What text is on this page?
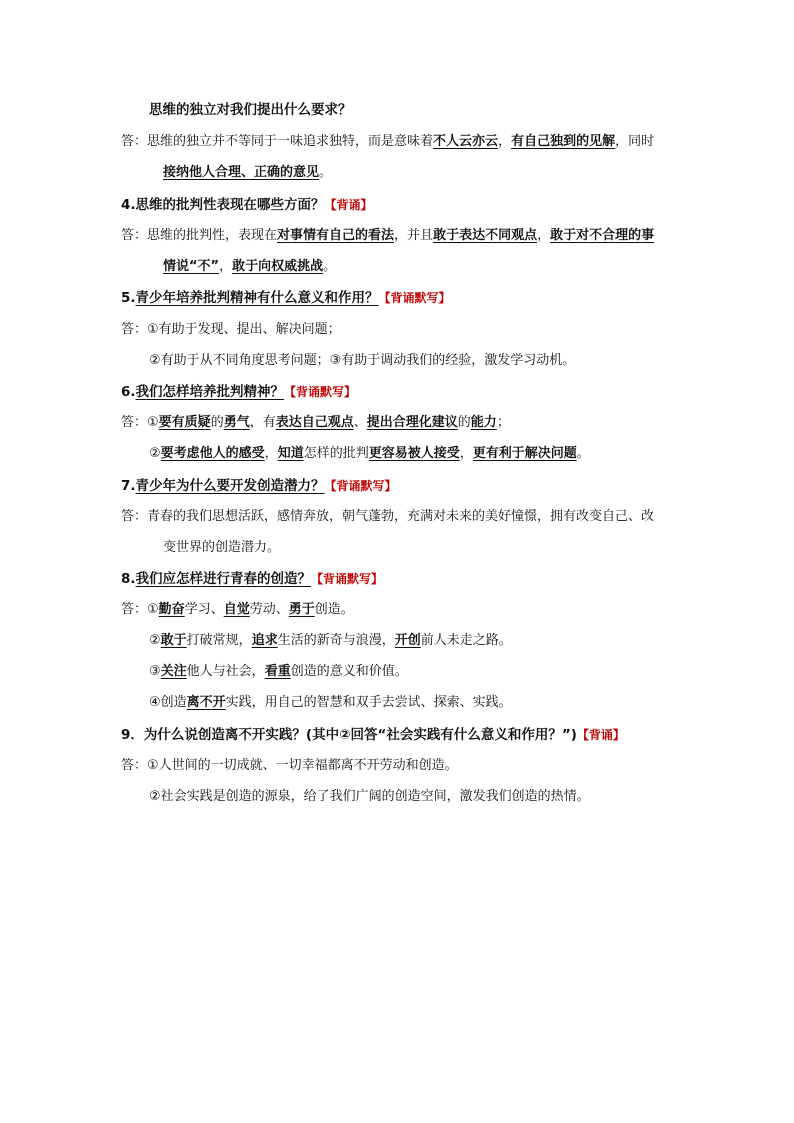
思维的独立对我们提出什么要求？
答：思维的独立并不等同于一味追求独特，而是意味着不人云亦云，有自己独到的见解，同时
接纳他人合理、正确的意见。
4.思维的批判性表现在哪些方面？【背诵】
答：思维的批判性，表现在对事情有自己的看法，并且敢于表达不同观点，敢于对不合理的事
情说“不”，敢于向权威挑战。
5.青少年培养批判精神有什么意义和作用？【背诵默写】
答：①有助于发现、提出、解决问题；
②有助于从不同角度思考问题；③有助于调动我们的经验，激发学习动机。
6.我们怎样培养批判精神？【背诵默写】
答：①要有质疑的勇气，有表达自己观点、提出合理化建议的能力；
②要考虑他人的感受，知道怎样的批判更容易被人接受，更有利于解决问题。
7.青少年为什么要开发创造潜力？【背诵默写】
答：青春的我们思想活跃，感情奔放，朝气蓬勃，充满对未来的美好憧憬，拥有改变自己、改
变世界的创造潜力。
8.我们应怎样进行青春的创造？【背诵默写】
答：①勤奋学习、自觉劳动、勇于创造。
②敢于打破常规，追求生活的新奇与浪漫，开创前人未走之路。
③关注他人与社会，看重创造的意义和价值。
④创造离不开实践，用自己的智慧和双手去尝试、探索、实践。
9．为什么说创造离不开实践？(其中②回答“社会实践有什么意义和作用？”)【背诵】
答：①人世间的一切成就、一切幸福都离不开劳动和创造。
②社会实践是创造的源泉，给了我们广阔的创造空间，激发我们创造的热情。
